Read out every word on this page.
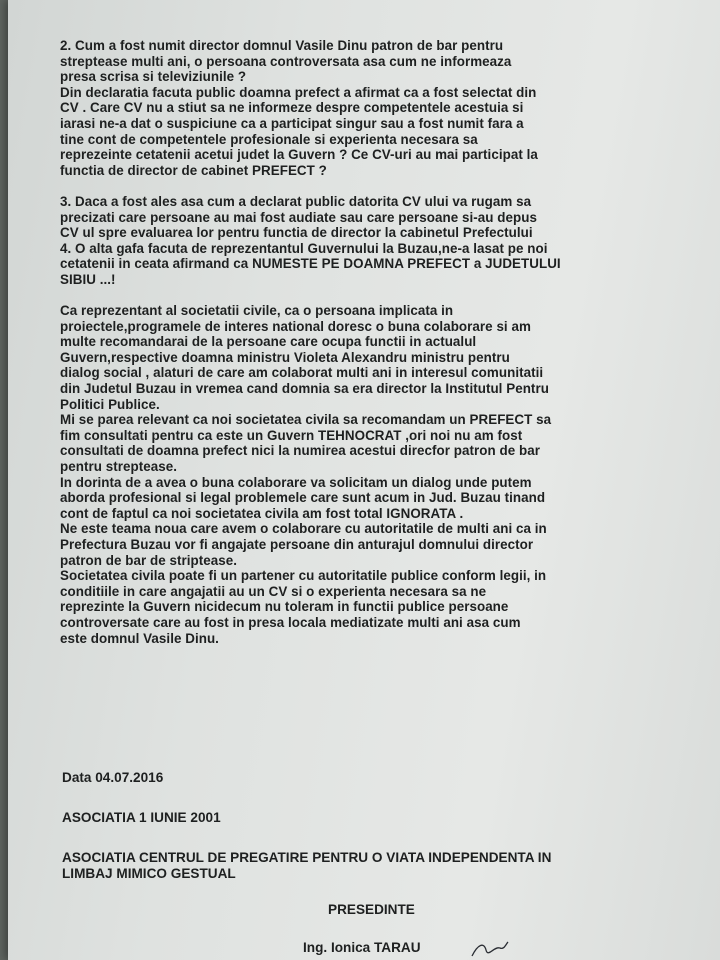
2. Cum a fost numit director domnul Vasile Dinu patron de bar pentru
streptease multi ani, o persoana controversata asa cum ne informeaza
presa scrisa si televiziunile ?
Din declaratia facuta public doamna prefect a afirmat ca a fost selectat din
CV . Care CV nu a stiut sa ne informeze despre competentele acestuia si
iarasi ne-a dat o suspiciune ca a participat singur sau a fost numit fara a
tine cont de competentele profesionale si experienta necesara sa
reprezeinte cetatenii acetui judet la Guvern ? Ce CV-uri au mai participat la
functia de director de cabinet PREFECT ?
3. Daca a fost ales asa cum a declarat public datorita CV ului va rugam sa
precizati care persoane au mai fost audiate sau care persoane si-au depus
CV ul spre evaluarea lor pentru functia de director la cabinetul Prefectului
4. O alta gafa facuta de reprezentantul Guvernului la Buzau,ne-a lasat pe noi
cetatenii in ceata afirmand ca NUMESTE PE DOAMNA PREFECT a JUDETULUI
SIBIU ...!
Ca reprezentant al societatii civile, ca o persoana implicata in
proiectele,programele de interes national doresc o buna colaborare si am
multe recomandarai de la persoane care ocupa functii in actualul
Guvern,respective doamna ministru Violeta Alexandru ministru pentru
dialog social , alaturi de care am colaborat multi ani in interesul comunitatii
din Judetul Buzau in vremea cand domnia sa era director la Institutul Pentru
Politici Publice.
Mi se parea relevant ca noi societatea civila sa recomandam un PREFECT sa
fim consultati pentru ca este un Guvern TEHNOCRAT ,ori noi nu am fost
consultati de doamna prefect nici la numirea acestui direcfor patron de bar
pentru streptease.
In dorinta de a avea o buna colaborare va solicitam un dialog unde putem
aborda profesional si legal problemele care sunt acum in Jud. Buzau tinand
cont de faptul ca noi societatea civila am fost total IGNORATA .
Ne este teama noua care avem o colaborare cu autoritatile de multi ani ca in
Prefectura Buzau vor fi angajate persoane din anturajul domnului director
patron de bar de striptease.
Societatea civila poate fi un partener cu autoritatile publice conform legii, in
conditiile in care angajatii au un CV si o experienta necesara sa ne
reprezinte la Guvern nicidecum nu toleram in functii publice persoane
controversate care au fost in presa locala mediatizate multi ani asa cum
este domnul Vasile Dinu.
Data 04.07.2016
ASOCIATIA 1 IUNIE 2001
ASOCIATIA CENTRUL DE PREGATIRE PENTRU O VIATA INDEPENDENTA IN
LIMBAJ MIMICO GESTUAL
PRESEDINTE
Ing. Ionica TARAU
